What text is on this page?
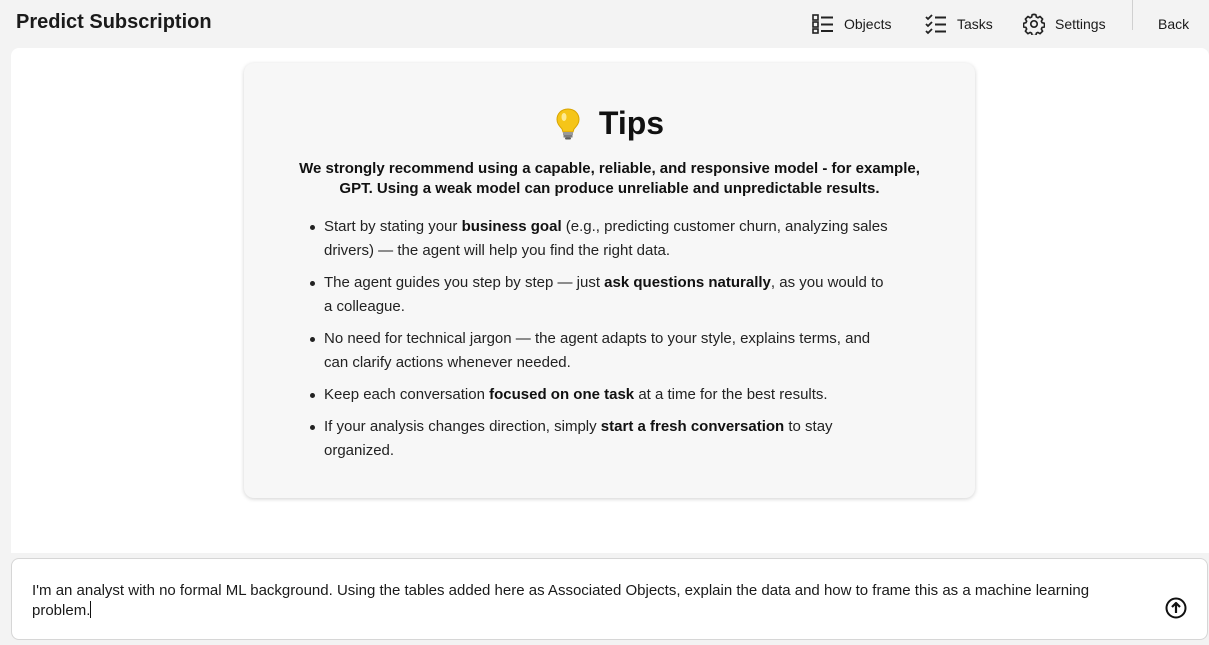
Predict Subscription	Objects	Tasks	Settings	Back
Tips
We strongly recommend using a capable, reliable, and responsive model - for example, GPT. Using a weak model can produce unreliable and unpredictable results.
Start by stating your business goal (e.g., predicting customer churn, analyzing sales drivers) — the agent will help you find the right data.
The agent guides you step by step — just ask questions naturally, as you would to a colleague.
No need for technical jargon — the agent adapts to your style, explains terms, and can clarify actions whenever needed.
Keep each conversation focused on one task at a time for the best results.
If your analysis changes direction, simply start a fresh conversation to stay organized.
I'm an analyst with no formal ML background. Using the tables added here as Associated Objects, explain the data and how to frame this as a machine learning problem.
